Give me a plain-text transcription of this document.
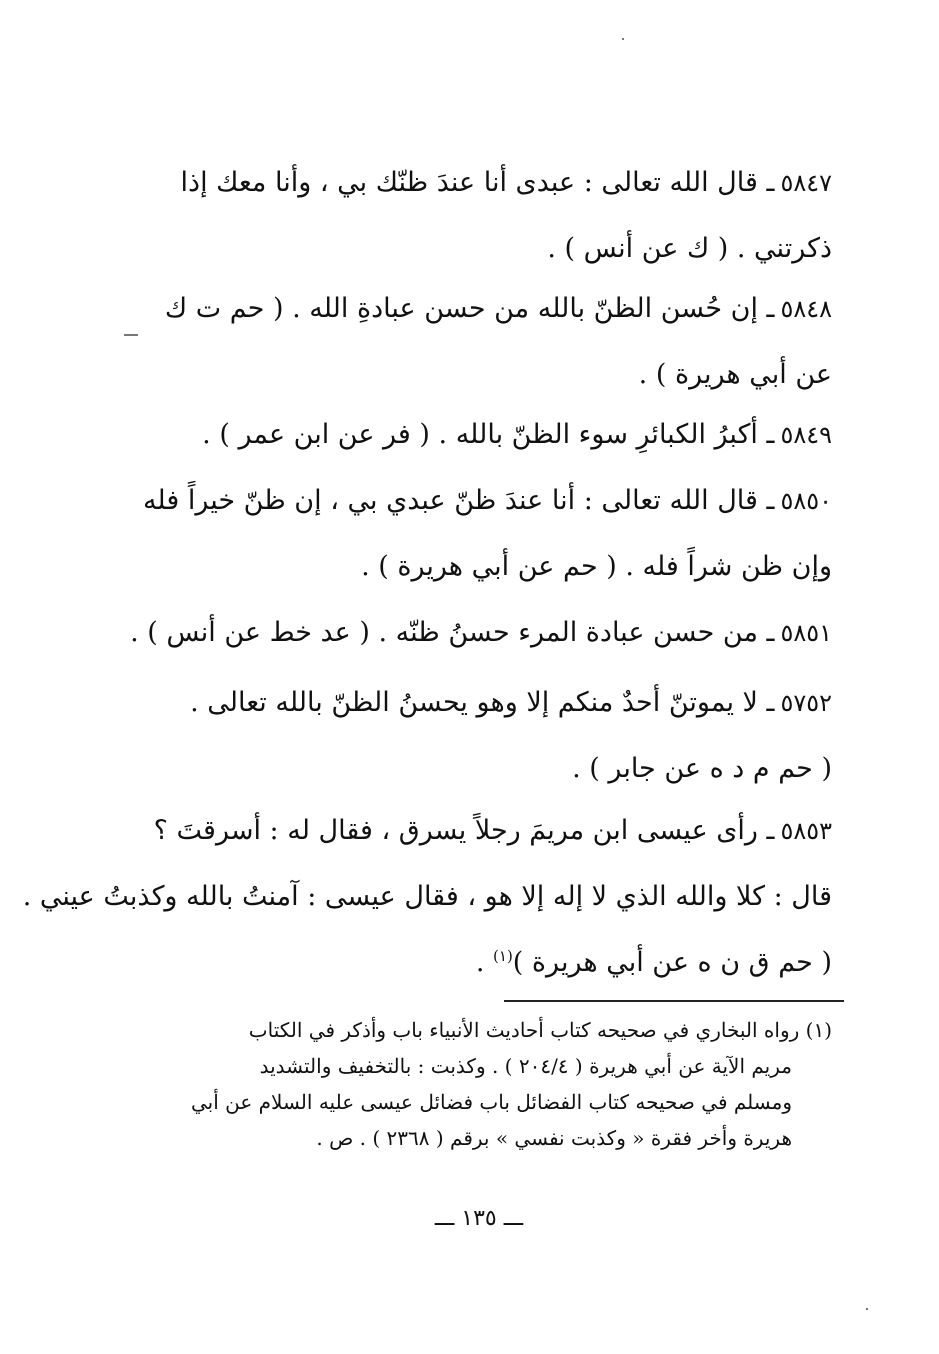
٥٨٤٧ـ قال الله تعالى : عبدى أنا عندَ ظنّك بي ، وأنا معك إذا
ذكرتني . ( ك عن أنس ) .
٥٨٤٨ـ إن حُسن الظنّ بالله من حسن عبادةِ الله . ( حم ت ك
عن أبي هريرة ) .
٥٨٤٩ـ أكبرُ الكبائرِ سوء الظنّ بالله . ( فر عن ابن عمر ) .
٥٨٥٠ـ قال الله تعالى : أنا عندَ ظنّ عبدي بي ، إن ظنّ خيراً فله
وإن ظن شراً فله . ( حم عن أبي هريرة ) .
٥٨٥١ـ من حسن عبادة المرء حسنُ ظنّه . ( عد خط عن أنس ) .
٥٧٥٢ـ لا يموتنّ أحدٌ منكم إلا وهو يحسنُ الظنّ بالله تعالى .
( حم م د ه عن جابر ) .
٥٨٥٣ـ رأى عيسى ابن مريمَ رجلاً يسرق ، فقال له : أسرقتَ ؟
قال : كلا والله الذي لا إله إلا هو ، فقال عيسى : آمنتُ بالله وكذبتُ عيني .
( حم ق ن ه عن أبي هريرة )$^{(١)}$ .
(١) رواه البخاري في صحيحه كتاب أحاديث الأنبياء باب وأذكر في الكتاب
مريم الآية عن أبي هريرة ( ٢٠٤/٤ ) . وكذبت : بالتخفيف والتشديد
ومسلم في صحيحه كتاب الفضائل باب فضائل عيسى عليه السلام عن أبي
هريرة وأخر فقرة « وكذبت نفسي » برقم ( ٢٣٦٨ ) . ص .
ـــ ١٣٥ ـــ
